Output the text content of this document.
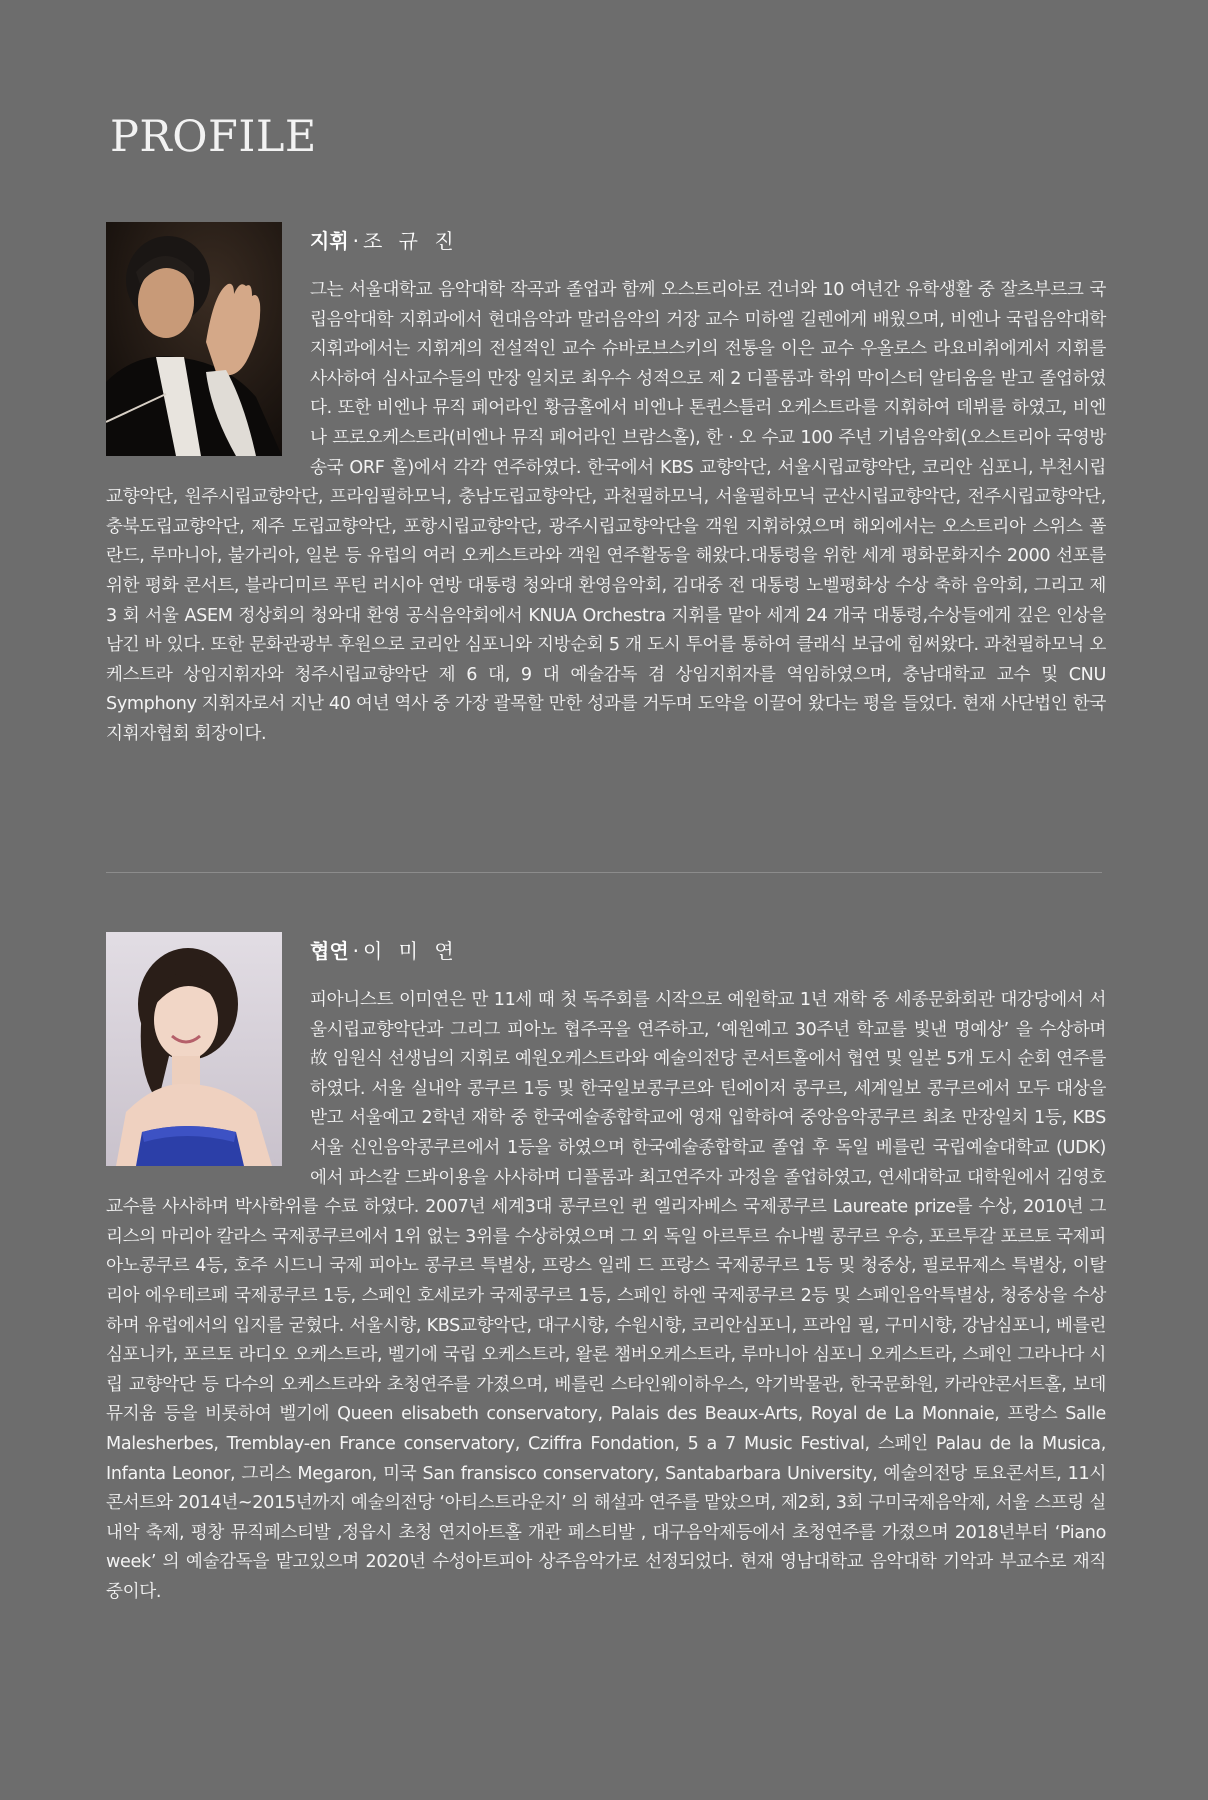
PROFILE
지휘 · 조 규 진

그는 서울대학교 음악대학 작곡과 졸업과 함께 오스트리아로 건너와 10 여년간 유학생활 중 잘츠부르크 국립음악대학 지휘과에서 현대음악과 말러음악의 거장 교수 미하엘 길렌에게 배웠으며, 비엔나 국립음악대학 지휘과에서는 지휘계의 전설적인 교수 슈바로브스키의 전통을 이은 교수 우올로스 라요비취에게서 지휘를 사사하여 심사교수들의 만장 일치로 최우수 성적으로 제 2 디플롬과 학위 막이스터 알티움을 받고 졸업하였다. 또한 비엔나 뮤직 페어라인 황금홀에서 비엔나 톤퀸스틀러 오케스트라를 지휘하여 데뷔를 하였고, 비엔나 프로오케스트라(비엔나 뮤직 페어라인 브람스홀), 한 · 오 수교 100 주년 기념음악회(오스트리아 국영방송국 ORF 홀)에서 각각 연주하였다. 한국에서 KBS 교향악단, 서울시립교향악단, 코리안 심포니, 부천시립교향악단, 원주시립교향악단, 프라임필하모닉, 충남도립교향악단, 과천필하모닉, 서울필하모닉 군산시립교향악단, 전주시립교향악단, 충북도립교향악단, 제주 도립교향악단, 포항시립교향악단, 광주시립교향악단을 객원 지휘하였으며 해외에서는 오스트리아 스위스 폴란드, 루마니아, 불가리아, 일본 등 유럽의 여러 오케스트라와 객원 연주활동을 해왔다.대통령을 위한 세계 평화문화지수 2000 선포를 위한 평화 콘서트, 블라디미르 푸틴 러시아 연방 대통령 청와대 환영음악회, 김대중 전 대통령 노벨평화상 수상 축하 음악회, 그리고 제 3 회 서울 ASEM 정상회의 청와대 환영 공식음악회에서 KNUA Orchestra 지휘를 맡아 세계 24 개국 대통령,수상들에게 깊은 인상을 남긴 바 있다. 또한 문화관광부 후원으로 코리안 심포니와 지방순회 5 개 도시 투어를 통하여 클래식 보급에 힘써왔다. 과천필하모닉 오케스트라 상임지휘자와 청주시립교향악단 제 6 대, 9 대 예술감독 겸 상임지휘자를 역임하였으며, 충남대학교 교수 및 CNU Symphony 지휘자로서 지난 40 여년 역사 중 가장 괄목할 만한 성과를 거두며 도약을 이끌어 왔다는 평을 들었다. 현재 사단법인 한국지휘자협회 회장이다.

협연 · 이 미 연

피아니스트 이미연은 만 11세 때 첫 독주회를 시작으로 예원학교 1년 재학 중 세종문화회관 대강당에서 서울시립교향악단과 그리그 피아노 협주곡을 연주하고, ‘예원예고 30주년 학교를 빛낸 명예상’ 을 수상하며 故 임원식 선생님의 지휘로 예원오케스트라와 예술의전당 콘서트홀에서 협연 및 일본 5개 도시 순회 연주를 하였다. 서울 실내악 콩쿠르 1등 및 한국일보콩쿠르와 틴에이저 콩쿠르, 세계일보 콩쿠르에서 모두 대상을 받고 서울예고 2학년 재학 중 한국예술종합학교에 영재 입학하여 중앙음악콩쿠르 최초 만장일치 1등, KBS 서울 신인음악콩쿠르에서 1등을 하였으며 한국예술종합학교 졸업 후 독일 베를린 국립예술대학교 (UDK) 에서 파스칼 드봐이용을 사사하며 디플롬과 최고연주자 과정을 졸업하였고, 연세대학교 대학원에서 김영호 교수를 사사하며 박사학위를 수료 하였다. 2007년 세계3대 콩쿠르인 퀸 엘리자베스 국제콩쿠르 Laureate prize를 수상, 2010년 그리스의 마리아 칼라스 국제콩쿠르에서 1위 없는 3위를 수상하였으며 그 외 독일 아르투르 슈나벨 콩쿠르 우승, 포르투갈 포르토 국제피아노콩쿠르 4등, 호주 시드니 국제 피아노 콩쿠르 특별상, 프랑스 일레 드 프랑스 국제콩쿠르 1등 및 청중상, 필로뮤제스 특별상, 이탈리아 에우테르페 국제콩쿠르 1등, 스페인 호세로카 국제콩쿠르 1등, 스페인 하엔 국제콩쿠르 2등 및 스페인음악특별상, 청중상을 수상하며 유럽에서의 입지를 굳혔다. 서울시향, KBS교향악단, 대구시향, 수원시향, 코리안심포니, 프라임 필, 구미시향, 강남심포니, 베를린 심포니카, 포르토 라디오 오케스트라, 벨기에 국립 오케스트라, 왈론 챔버오케스트라, 루마니아 심포니 오케스트라, 스페인 그라나다 시립 교향악단 등 다수의 오케스트라와 초청연주를 가졌으며, 베를린 스타인웨이하우스, 악기박물관, 한국문화원, 카라얀콘서트홀, 보데뮤지움 등을 비롯하여 벨기에 Queen elisabeth conservatory, Palais des Beaux-Arts, Royal de La Monnaie, 프랑스 Salle Malesherbes, Tremblay-en France conservatory, Cziffra Fondation, 5 a 7 Music Festival, 스페인 Palau de la Musica, Infanta Leonor, 그리스 Megaron, 미국 San fransisco conservatory, Santabarbara University, 예술의전당 토요콘서트, 11시콘서트와 2014년~2015년까지 예술의전당 ‘아티스트라운지’ 의 해설과 연주를 맡았으며, 제2회, 3회 구미국제음악제, 서울 스프링 실내악 축제, 평창 뮤직페스티발 ,정읍시 초청 연지아트홀 개관 페스티발 , 대구음악제등에서 초청연주를 가졌으며 2018년부터 ‘Piano week’ 의 예술감독을 맡고있으며 2020년 수성아트피아 상주음악가로 선정되었다. 현재 영남대학교 음악대학 기악과 부교수로 재직 중이다.
